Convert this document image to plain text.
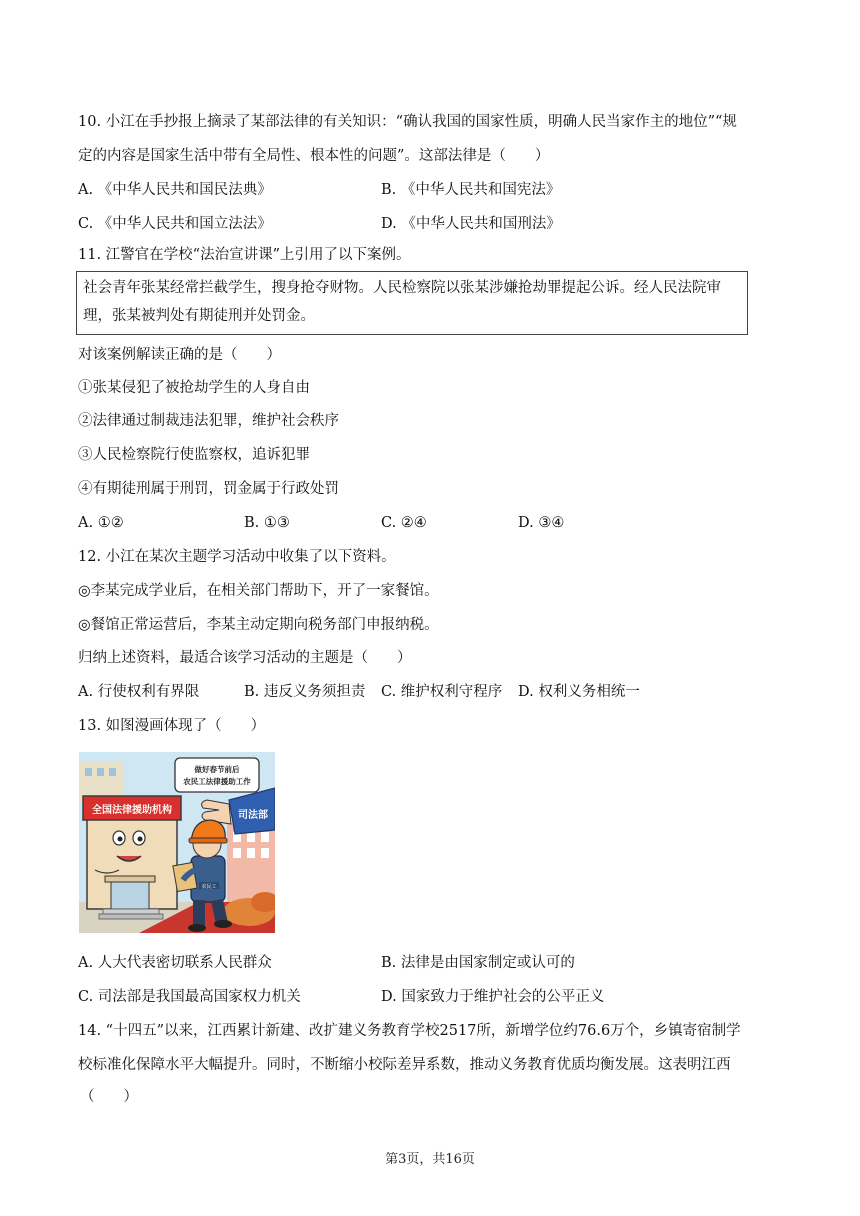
10. 小江在手抄报上摘录了某部法律的有关知识：“确认我国的国家性质，明确人民当家作主的地位”“规
定的内容是国家生活中带有全局性、根本性的问题”。这部法律是（　　）
A. 《中华人民共和国民法典》	B. 《中华人民共和国宪法》
C. 《中华人民共和国立法法》	D. 《中华人民共和国刑法》
11. 江警官在学校“法治宣讲课”上引用了以下案例。
社会青年张某经常拦截学生，搜身抢夺财物。人民检察院以张某涉嫌抢劫罪提起公诉。经人民法院审
理，张某被判处有期徒刑并处罚金。
对该案例解读正确的是（　　）
①张某侵犯了被抢劫学生的人身自由
②法律通过制裁违法犯罪，维护社会秩序
③人民检察院行使监察权，追诉犯罪
④有期徒刑属于刑罚，罚金属于行政处罚
A. ①②	B. ①③	C. ②④	D. ③④
12. 小江在某次主题学习活动中收集了以下资料。
◎李某完成学业后，在相关部门帮助下，开了一家餐馆。
◎餐馆正常运营后，李某主动定期向税务部门申报纳税。
归纳上述资料，最适合该学习活动的主题是（　　）
A. 行使权利有界限	B. 违反义务须担责 C. 维护权利守程序 D. 权利义务相统一
13. 如图漫画体现了（　　）
全国法律援助机构
做好春节前后
农民工法律援助工作
司法部
农民工
A. 人大代表密切联系人民群众	B. 法律是由国家制定或认可的
C. 司法部是我国最高国家权力机关	D. 国家致力于维护社会的公平正义
14. “十四五”以来，江西累计新建、改扩建义务教育学校2517所，新增学位约76.6万个，乡镇寄宿制学
校标准化保障水平大幅提升。同时，不断缩小校际差异系数，推动义务教育优质均衡发展。这表明江西
（　　）
第3页，共16页
